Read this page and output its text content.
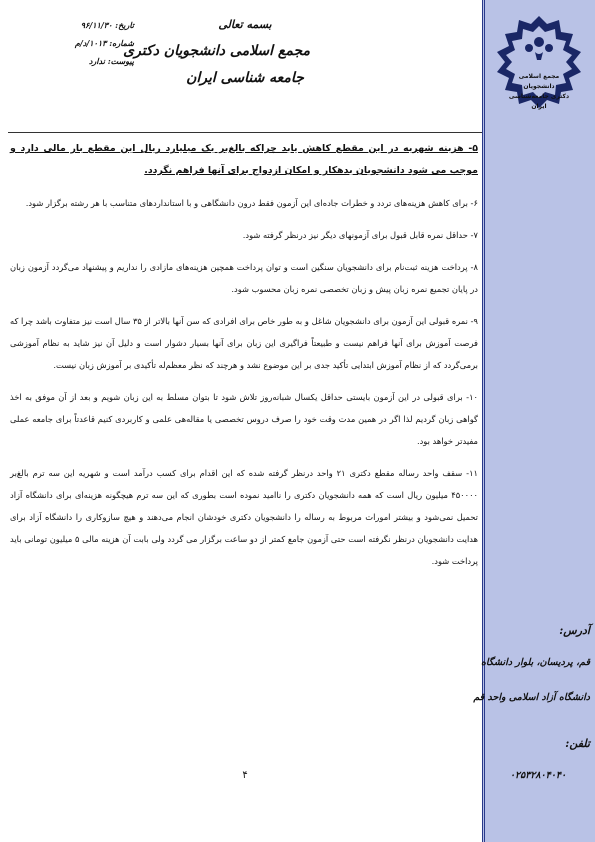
مجمع اسلامی
دانشجویان
دکتری جامعه‌شناسی
ایران
آدرس:
قم، پردیسان، بلوار دانشگاه
دانشگاه آزاد اسلامی واحد قم
تلفن:
۰۲۵۳۲۸۰۴۰۴۰
بسمه تعالی
مجمع اسلامی دانشجویان دکتری
جامعه شناسی ایران
تاریخ: ۹۶/۱۱/۳۰
شماره: ۱۰۱۳/د/م
پیوست: ندارد

۵- هزینه شهریه در این مقطع کاهش یابد چراکه بالغ‌بر یک میلیارد ریال این مقطع بار مالی دارد و موجب می شود دانشجویان بدهکار و امکان ازدواج برای آنها فراهم نگردد.

۶- برای کاهش هزینه‌های تردد و خطرات جاده‌ای این آزمون فقط درون دانشگاهی و با استانداردهای متناسب با هر رشته برگزار شود.

۷- حداقل نمره قابل قبول برای آزمونهای دیگر نیز درنظر گرفته شود.

۸- پرداخت هزینه ثبت‌نام برای دانشجویان سنگین است و توان پرداخت همچین هزینه‌های مازادی را نداریم و پیشنهاد می‌گردد آزمون زبان در پایان تجمیع نمره زبان پیش و زبان تخصصی نمره زبان محسوب شود.

۹- نمره قبولی این آزمون برای دانشجویان شاغل و به طور خاص برای افرادی که سن آنها بالاتر از ۳۵ سال است نیز متفاوت باشد چرا که فرصت آموزش برای آنها فراهم نیست و طبیعتاً فراگیری این زبان برای آنها بسیار دشوار است و دلیل آن نیز شاید به نظام آموزشی برمی‌گردد که از نظام آموزش ابتدایی تأکید جدی بر این موضوع نشد و هرچند که نظر معظم‌له تأکیدی بر آموزش زبان نیست.

۱۰- برای قبولی در این آزمون بایستی حداقل یکسال شبانه‌روز تلاش شود تا بتوان مسلط به این زبان شویم و بعد از آن موفق به اخذ گواهی زبان گردیم لذا اگر در همین مدت وقت خود را صرف دروس تخصصی یا مقاله‌هی علمی و کاربردی کنیم قاعدتاً برای جامعه عملی مفیدتر خواهد بود.

۱۱- سقف واحد رساله مقطع دکتری ۲۱ واحد درنظر گرفته شده که این اقدام برای کسب درآمد است و شهریه این سه ترم بالغ‌بر ۴۵۰۰۰۰ میلیون ریال است که همه دانشجویان دکتری را ناامید نموده است بطوری که این سه ترم هیچگونه هزینه‌ای برای دانشگاه آزاد تحمیل نمی‌شود و بیشتر امورات مربوط به رساله را دانشجویان دکتری خودشان انجام می‌دهند و هیچ سازوکاری را دانشگاه آزاد برای هدایت دانشجویان درنظر نگرفته است حتی آزمون جامع کمتر از دو ساعت برگزار می گردد ولی بابت آن هزینه مالی ۵ میلیون تومانی باید پرداخت شود.

۴
